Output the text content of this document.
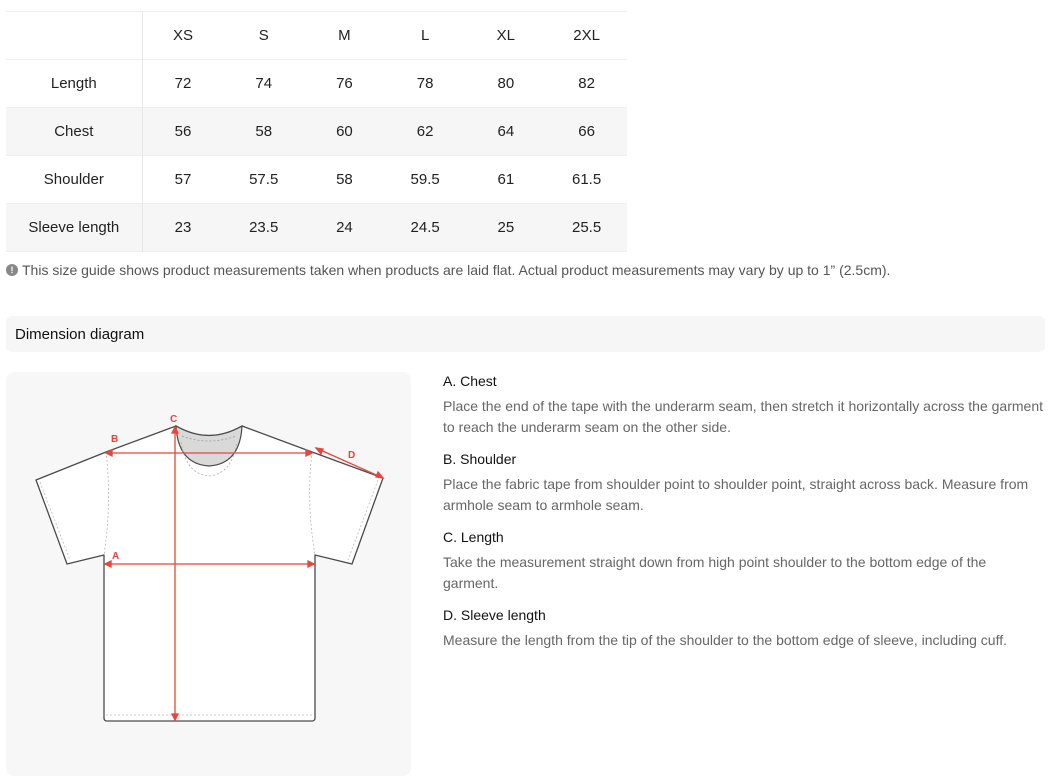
	XS	S	M	L	XL	2XL
Length	72	74	76	78	80	82
Chest	56	58	60	62	64	66
Shoulder	57	57.5	58	59.5	61	61.5
Sleeve length	23	23.5	24	24.5	25	25.5
! This size guide shows product measurements taken when products are laid flat. Actual product measurements may vary by up to 1” (2.5cm).
Dimension diagram
A
B
C
D
A. Chest
Place the end of the tape with the underarm seam, then stretch it horizontally across the garment to reach the underarm seam on the other side.
B. Shoulder
Place the fabric tape from shoulder point to shoulder point, straight across back. Measure from armhole seam to armhole seam.
C. Length
Take the measurement straight down from high point shoulder to the bottom edge of the garment.
D. Sleeve length
Measure the length from the tip of the shoulder to the bottom edge of sleeve, including cuff.
